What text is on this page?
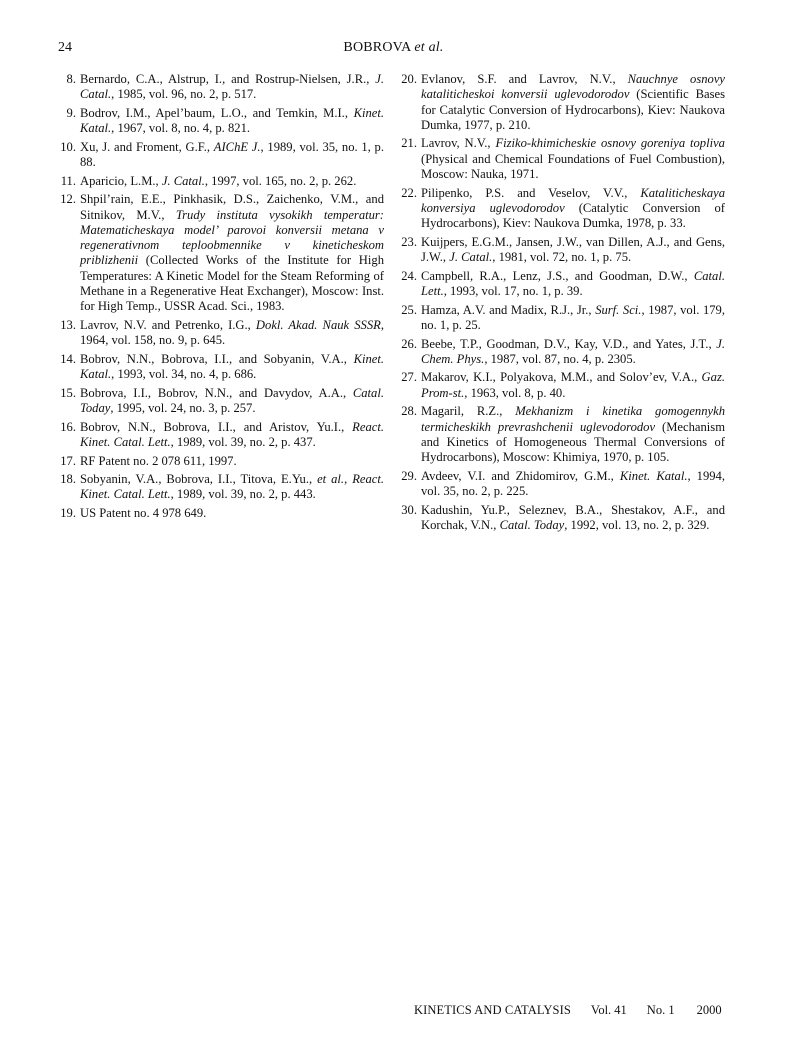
24	BOBROVA et al.
8. Bernardo, C.A., Alstrup, I., and Rostrup-Nielsen, J.R., J. Catal., 1985, vol. 96, no. 2, p. 517.
9. Bodrov, I.M., Apel’baum, L.O., and Temkin, M.I., Kinet. Katal., 1967, vol. 8, no. 4, p. 821.
10. Xu, J. and Froment, G.F., AIChE J., 1989, vol. 35, no. 1, p. 88.
11. Aparicio, L.M., J. Catal., 1997, vol. 165, no. 2, p. 262.
12. Shpil’rain, E.E., Pinkhasik, D.S., Zaichenko, V.M., and Sitnikov, M.V., Trudy instituta vysokikh temperatur: Matematicheskaya model’ parovoi konversii metana v regenerativnom teploobmennike v kineticheskom priblizhenii (Collected Works of the Institute for High Temperatures: A Kinetic Model for the Steam Reforming of Methane in a Regenerative Heat Exchanger), Moscow: Inst. for High Temp., USSR Acad. Sci., 1983.
13. Lavrov, N.V. and Petrenko, I.G., Dokl. Akad. Nauk SSSR, 1964, vol. 158, no. 9, p. 645.
14. Bobrov, N.N., Bobrova, I.I., and Sobyanin, V.A., Kinet. Katal., 1993, vol. 34, no. 4, p. 686.
15. Bobrova, I.I., Bobrov, N.N., and Davydov, A.A., Catal. Today, 1995, vol. 24, no. 3, p. 257.
16. Bobrov, N.N., Bobrova, I.I., and Aristov, Yu.I., React. Kinet. Catal. Lett., 1989, vol. 39, no. 2, p. 437.
17. RF Patent no. 2 078 611, 1997.
18. Sobyanin, V.A., Bobrova, I.I., Titova, E.Yu., et al., React. Kinet. Catal. Lett., 1989, vol. 39, no. 2, p. 443.
19. US Patent no. 4 978 649.
20. Evlanov, S.F. and Lavrov, N.V., Nauchnye osnovy kataliticheskoi konversii uglevodorodov (Scientific Bases for Catalytic Conversion of Hydrocarbons), Kiev: Naukova Dumka, 1977, p. 210.
21. Lavrov, N.V., Fiziko-khimicheskie osnovy goreniya topliva (Physical and Chemical Foundations of Fuel Combustion), Moscow: Nauka, 1971.
22. Pilipenko, P.S. and Veselov, V.V., Kataliticheskaya konversiya uglevodorodov (Catalytic Conversion of Hydrocarbons), Kiev: Naukova Dumka, 1978, p. 33.
23. Kuijpers, E.G.M., Jansen, J.W., van Dillen, A.J., and Gens, J.W., J. Catal., 1981, vol. 72, no. 1, p. 75.
24. Campbell, R.A., Lenz, J.S., and Goodman, D.W., Catal. Lett., 1993, vol. 17, no. 1, p. 39.
25. Hamza, A.V. and Madix, R.J., Jr., Surf. Sci., 1987, vol. 179, no. 1, p. 25.
26. Beebe, T.P., Goodman, D.V., Kay, V.D., and Yates, J.T., J. Chem. Phys., 1987, vol. 87, no. 4, p. 2305.
27. Makarov, K.I., Polyakova, M.M., and Solov’ev, V.A., Gaz. Prom-st., 1963, vol. 8, p. 40.
28. Magaril, R.Z., Mekhanizm i kinetika gomogennykh termicheskikh prevrashchenii uglevodorodov (Mechanism and Kinetics of Homogeneous Thermal Conversions of Hydrocarbons), Moscow: Khimiya, 1970, p. 105.
29. Avdeev, V.I. and Zhidomirov, G.M., Kinet. Katal., 1994, vol. 35, no. 2, p. 225.
30. Kadushin, Yu.P., Seleznev, B.A., Shestakov, A.F., and Korchak, V.N., Catal. Today, 1992, vol. 13, no. 2, p. 329.
KINETICS AND CATALYSIS Vol. 41 No. 1 2000
